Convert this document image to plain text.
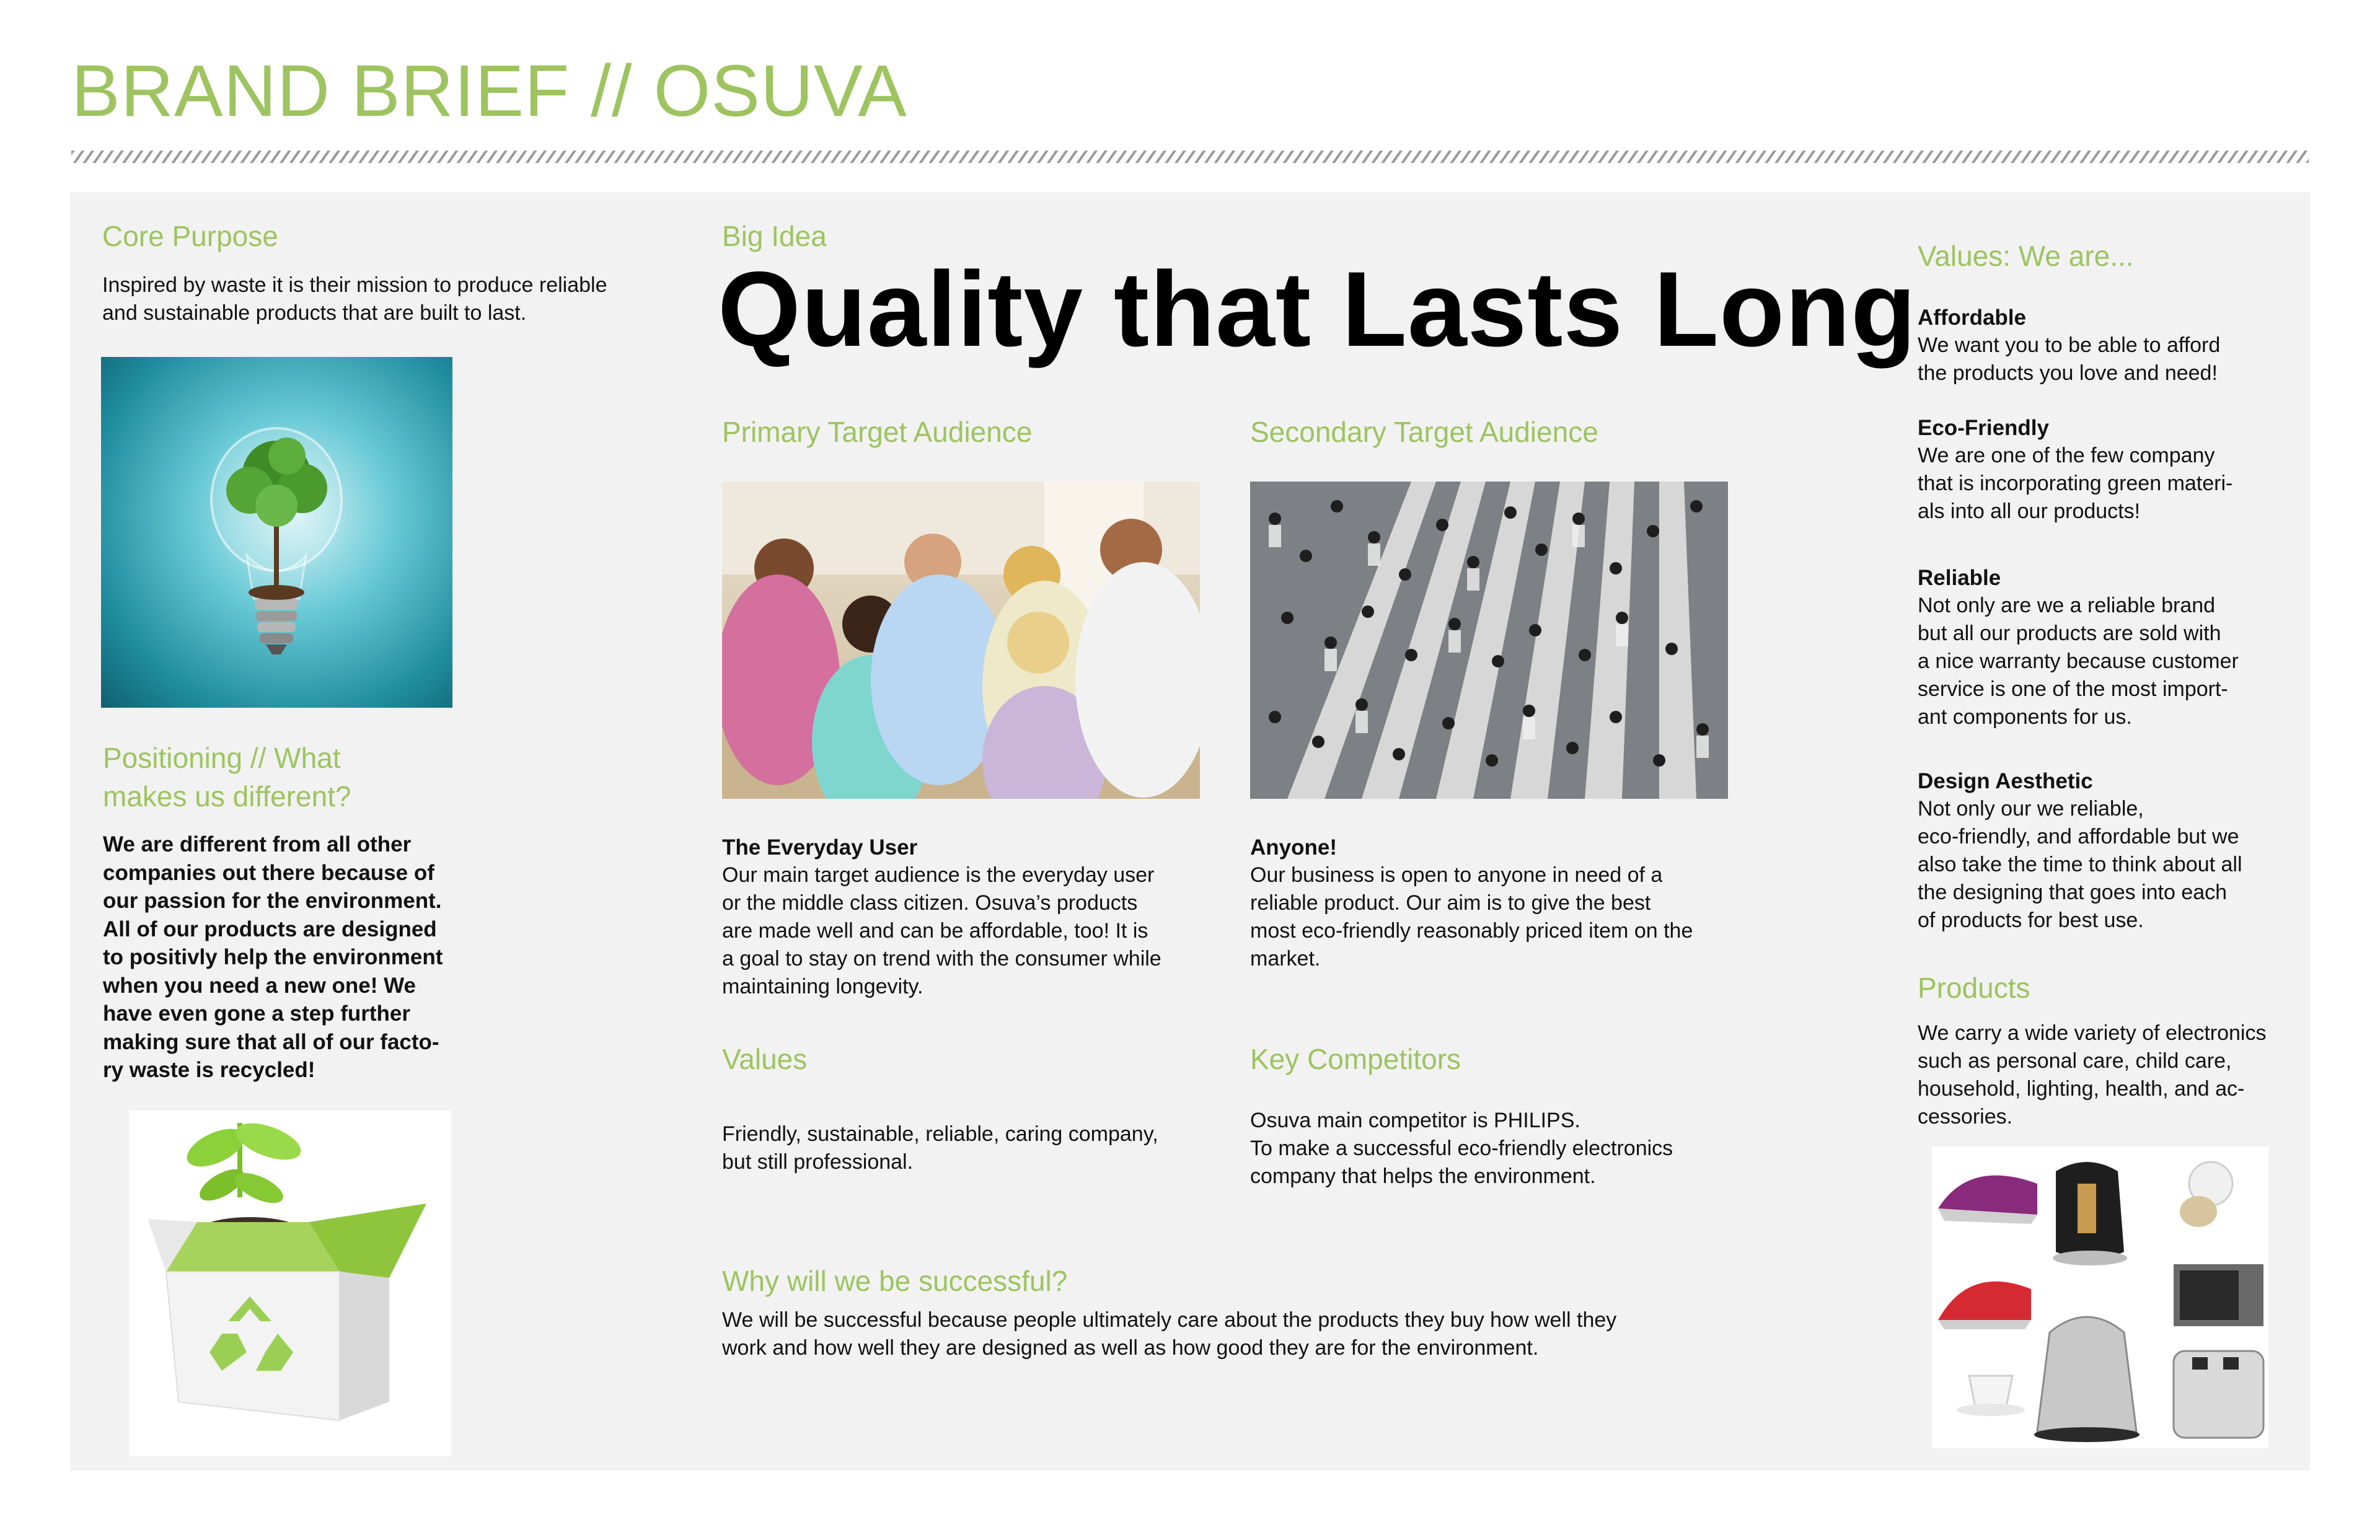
BRAND BRIEF // OSUVA
Core Purpose
Inspired by waste it is their mission to produce reliable
and sustainable products that are built to last.
Positioning // What
makes us different?
We are different from all other
companies out there because of
our passion for the environment.
All of our products are designed
to positivly help the environment
when you need a new one! We
have even gone a step further
making sure that all of our facto-
ry waste is recycled!
Big Idea
Quality that Lasts Long
Primary Target Audience	Secondary Target Audience
The Everyday User
Our main target audience is the everyday user
or the middle class citizen. Osuva’s products
are made well and can be affordable, too! It is
a goal to stay on trend with the consumer while
maintaining longevity.
Anyone!
Our business is open to anyone in need of a
reliable product. Our aim is to give the best
most eco-friendly reasonably priced item on the
market.
Values
Friendly, sustainable, reliable, caring company,
but still professional.
Key Competitors
Osuva main competitor is PHILIPS.
To make a successful eco-friendly electronics
company that helps the environment.
Why will we be successful?
We will be successful because people ultimately care about the products they buy how well they
work and how well they are designed as well as how good they are for the environment.
Values: We are...
Affordable
We want you to be able to afford
the products you love and need!
Eco-Friendly
We are one of the few company
that is incorporating green materi-
als into all our products!
Reliable
Not only are we a reliable brand
but all our products are sold with
a nice warranty because customer
service is one of the most import-
ant components for us.
Design Aesthetic
Not only our we reliable,
eco-friendly, and affordable but we
also take the time to think about all
the designing that goes into each
of products for best use.
Products
We carry a wide variety of electronics
such as personal care, child care,
household, lighting, health, and ac-
cessories.
